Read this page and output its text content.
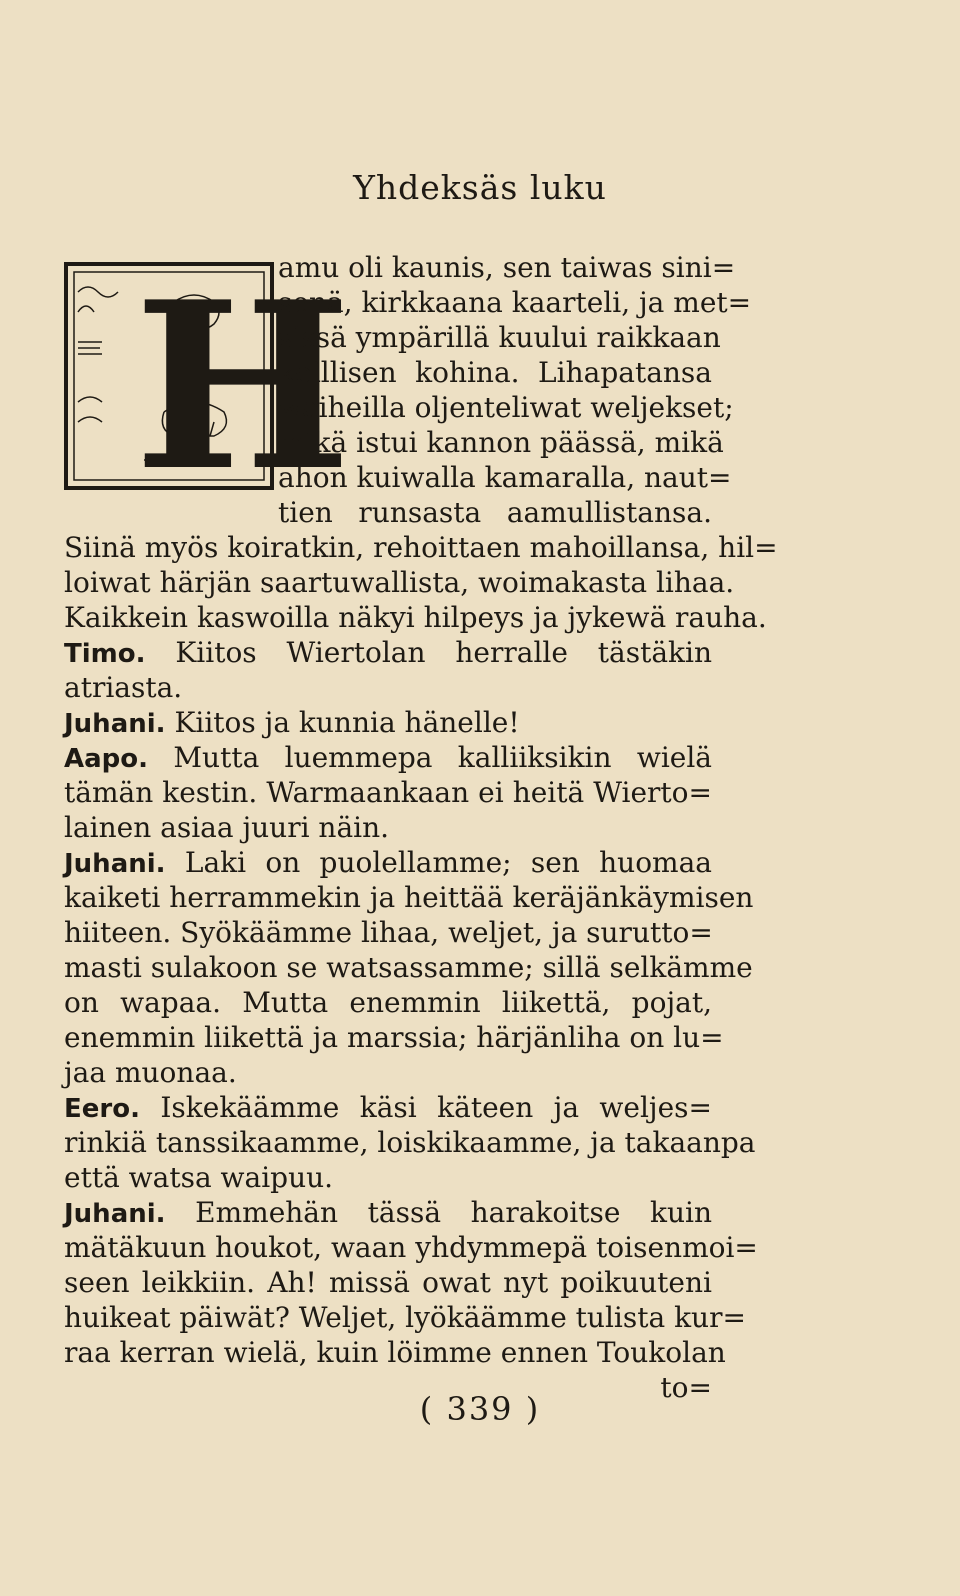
Yhdeksäs luku
H
amu oli kaunis, sen taiwas sini=
senä, kirkkaana kaarteli, ja met=
sissä ympärillä kuului raikkaan
koillisen kohina. Lihapatansa
waiheilla oljenteliwat weljekset;
mikä istui kannon päässä, mikä
ahon kuiwalla kamaralla, naut=
tien runsasta aamullistansa.
Siinä myös koiratkin, rehoittaen mahoillansa, hil=
loiwat härjän saartuwallista, woimakasta lihaa.
Kaikkein kaswoilla näkyi hilpeys ja jykewä rauha.
Timo. Kiitos Wiertolan herralle tästäkin
atriasta.
Juhani. Kiitos ja kunnia hänelle!
Aapo. Mutta luemmepa kalliiksikin wielä
tämän kestin. Warmaankaan ei heitä Wierto=
lainen asiaa juuri näin.
Juhani. Laki on puolellamme; sen huomaa
kaiketi herrammekin ja heittää keräjänkäymisen
hiiteen. Syökäämme lihaa, weljet, ja surutto=
masti sulakoon se watsassamme; sillä selkämme
on wapaa. Mutta enemmin liikettä, pojat,
enemmin liikettä ja marssia; härjänliha on lu=
jaa muonaa.
Eero. Iskekäämme käsi käteen ja weljes=
rinkiä tanssikaamme, loiskikaamme, ja takaanpa
että watsa waipuu.
Juhani. Emmehän tässä harakoitse kuin
mätäkuun houkot, waan yhdymmepä toisenmoi=
seen leikkiin. Ah! missä owat nyt poikuuteni
huikeat päiwät? Weljet, lyökäämme tulista kur=
raa kerran wielä, kuin löimme ennen Toukolan
to=
( 339 )
